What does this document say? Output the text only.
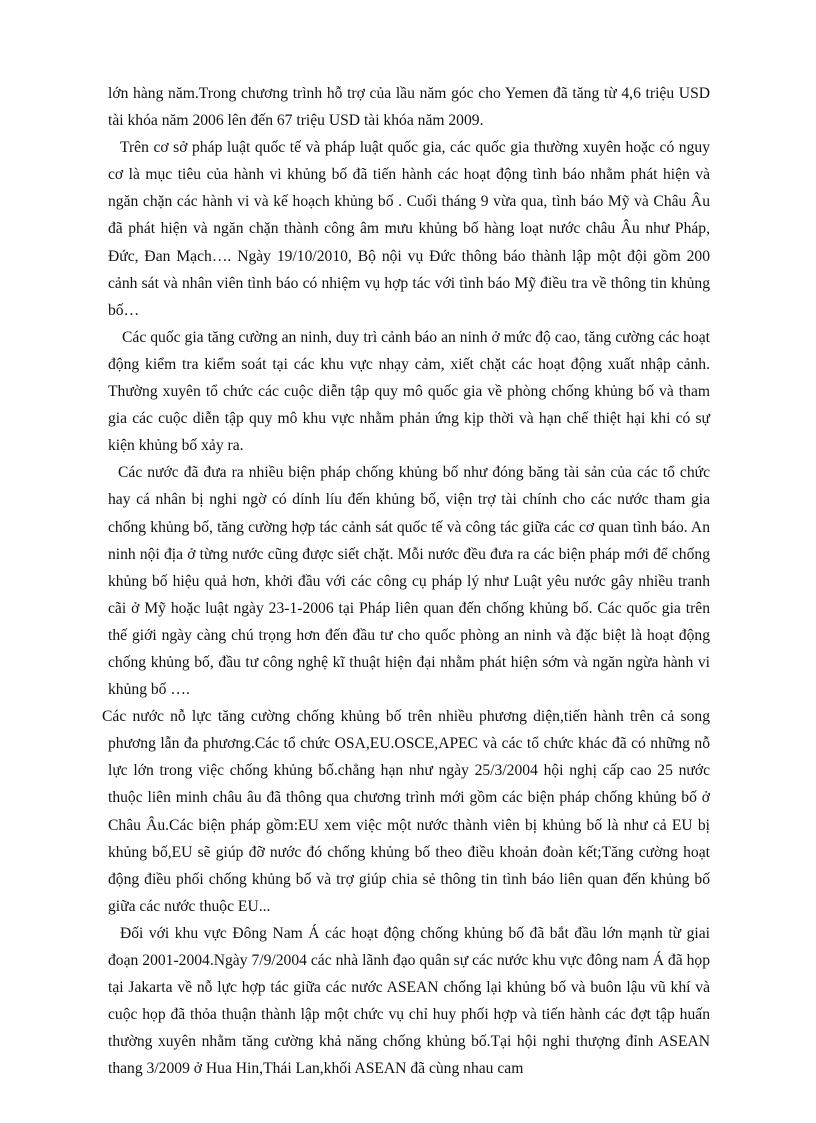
lớn hàng năm.Trong chương trình hỗ trợ của lầu năm góc cho Yemen đã tăng từ 4,6 triệu USD tài khóa năm 2006 lên đến 67 triệu USD tài khóa năm 2009.

Trên cơ sở pháp luật quốc tế và pháp luật quốc gia, các quốc gia thường xuyên hoặc có nguy cơ là mục tiêu của hành vi khủng bố đã tiến hành các hoạt động tình báo nhằm phát hiện và ngăn chặn các hành vi và kế hoạch khủng bố . Cuối tháng 9 vừa qua, tình báo Mỹ và Châu Âu đã phát hiện và ngăn chặn thành công âm mưu khủng bố hàng loạt nước châu Âu như Pháp, Đức, Đan Mạch…. Ngày 19/10/2010, Bộ nội vụ Đức thông báo thành lập một đội gồm 200 cảnh sát và nhân viên tình báo có nhiệm vụ hợp tác với tình báo Mỹ điều tra về thông tin khủng bố…

Các quốc gia tăng cường an ninh, duy trì cảnh báo an ninh ở mức độ cao, tăng cường các hoạt động kiểm tra kiểm soát tại các khu vực nhạy cảm, xiết chặt các hoạt động xuất nhập cảnh. Thường xuyên tổ chức các cuộc diễn tập quy mô quốc gia về phòng chống khủng bố và tham gia các cuộc diễn tập quy mô khu vực nhằm phản ứng kịp thời và hạn chế thiệt hại khi có sự kiện khủng bố xảy ra.

Các nước đã đưa ra nhiều biện pháp chống khủng bố như đóng băng tài sản của các tổ chức hay cá nhân bị nghi ngờ có dính líu đến khủng bố, viện trợ tài chính cho các nước tham gia chống khủng bố, tăng cường hợp tác cảnh sát quốc tế và công tác giữa các cơ quan tình báo. An ninh nội địa ở từng nước cũng được siết chặt. Mỗi nước đều đưa ra các biện pháp mới để chống khủng bố hiệu quả hơn, khởi đầu với các công cụ pháp lý như Luật yêu nước gây nhiều tranh cãi ở Mỹ hoặc luật ngày 23-1-2006 tại Pháp liên quan đến chống khủng bố. Các quốc gia trên thế giới ngày càng chú trọng hơn đến đầu tư cho quốc phòng an ninh và đặc biệt là hoạt động chống khủng bố, đầu tư công nghệ kĩ thuật hiện đại nhằm phát hiện sớm và ngăn ngừa hành vi khủng bố ….

Các nước nỗ lực tăng cường chống khủng bố trên nhiều phương diện,tiến hành trên cả song phương lẫn đa phương.Các tổ chức OSA,EU.OSCE,APEC và các tổ chức khác đã có những nỗ lực lớn trong việc chống khủng bố.chẳng hạn như ngày 25/3/2004 hội nghị cấp cao 25 nước thuộc liên minh châu âu đã thông qua chương trình mới gồm các biện pháp chống khủng bố ở Châu Âu.Các biện pháp gồm:EU xem việc một nước thành viên bị khủng bố là như cả EU bị khủng bố,EU sẽ giúp đỡ nước đó chống khủng bố theo điều khoản đoàn kết;Tăng cường hoạt động điều phối chống khủng bố và trợ giúp chia sẻ thông tin tình báo liên quan đến khủng bố giữa các nước thuộc EU...

Đối với khu vực Đông Nam Á các hoạt động chống khủng bố đã bắt đầu lớn mạnh từ giai đoạn 2001-2004.Ngày 7/9/2004 các nhà lãnh đạo quân sự các nước khu vực đông nam Á đã họp tại Jakarta về nỗ lực hợp tác giữa các nước ASEAN chống lại khủng bố và buôn lậu vũ khí và cuộc họp đã thỏa thuận thành lập một chức vụ chỉ huy phối hợp và tiến hành các đợt tập huấn thường xuyên nhằm tăng cường khả năng chống khủng bố.Tại hội nghi thượng đỉnh ASEAN thang 3/2009 ở Hua Hin,Thái Lan,khối ASEAN đã cùng nhau cam
